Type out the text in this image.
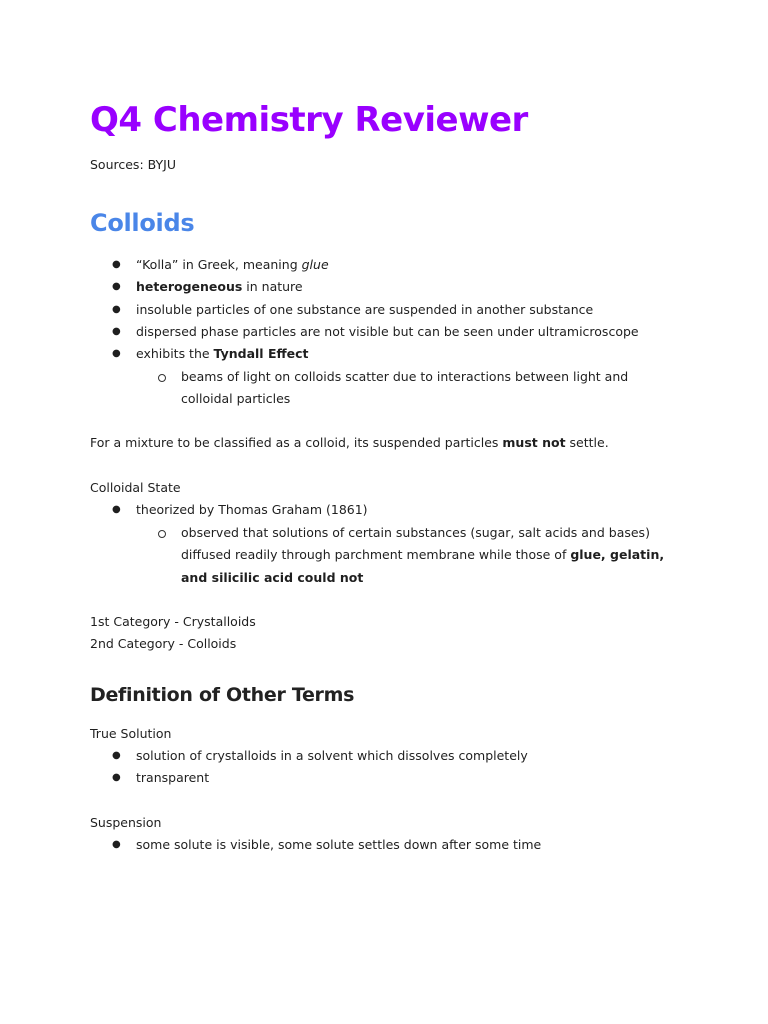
Q4 Chemistry Reviewer
Sources: BYJU
Colloids
● “Kolla” in Greek, meaning glue
● heterogeneous in nature
● insoluble particles of one substance are suspended in another substance
● dispersed phase particles are not visible but can be seen under ultramicroscope
● exhibits the Tyndall Effect
beams of light on colloids scatter due to interactions between light and
colloidal particles
For a mixture to be classified as a colloid, its suspended particles must not settle.
Colloidal State
● theorized by Thomas Graham (1861)
observed that solutions of certain substances (sugar, salt acids and bases)
diffused readily through parchment membrane while those of glue, gelatin,
and silicilic acid could not
1st Category - Crystalloids
2nd Category - Colloids
Definition of Other Terms
True Solution
● solution of crystalloids in a solvent which dissolves completely
● transparent
Suspension
● some solute is visible, some solute settles down after some time
